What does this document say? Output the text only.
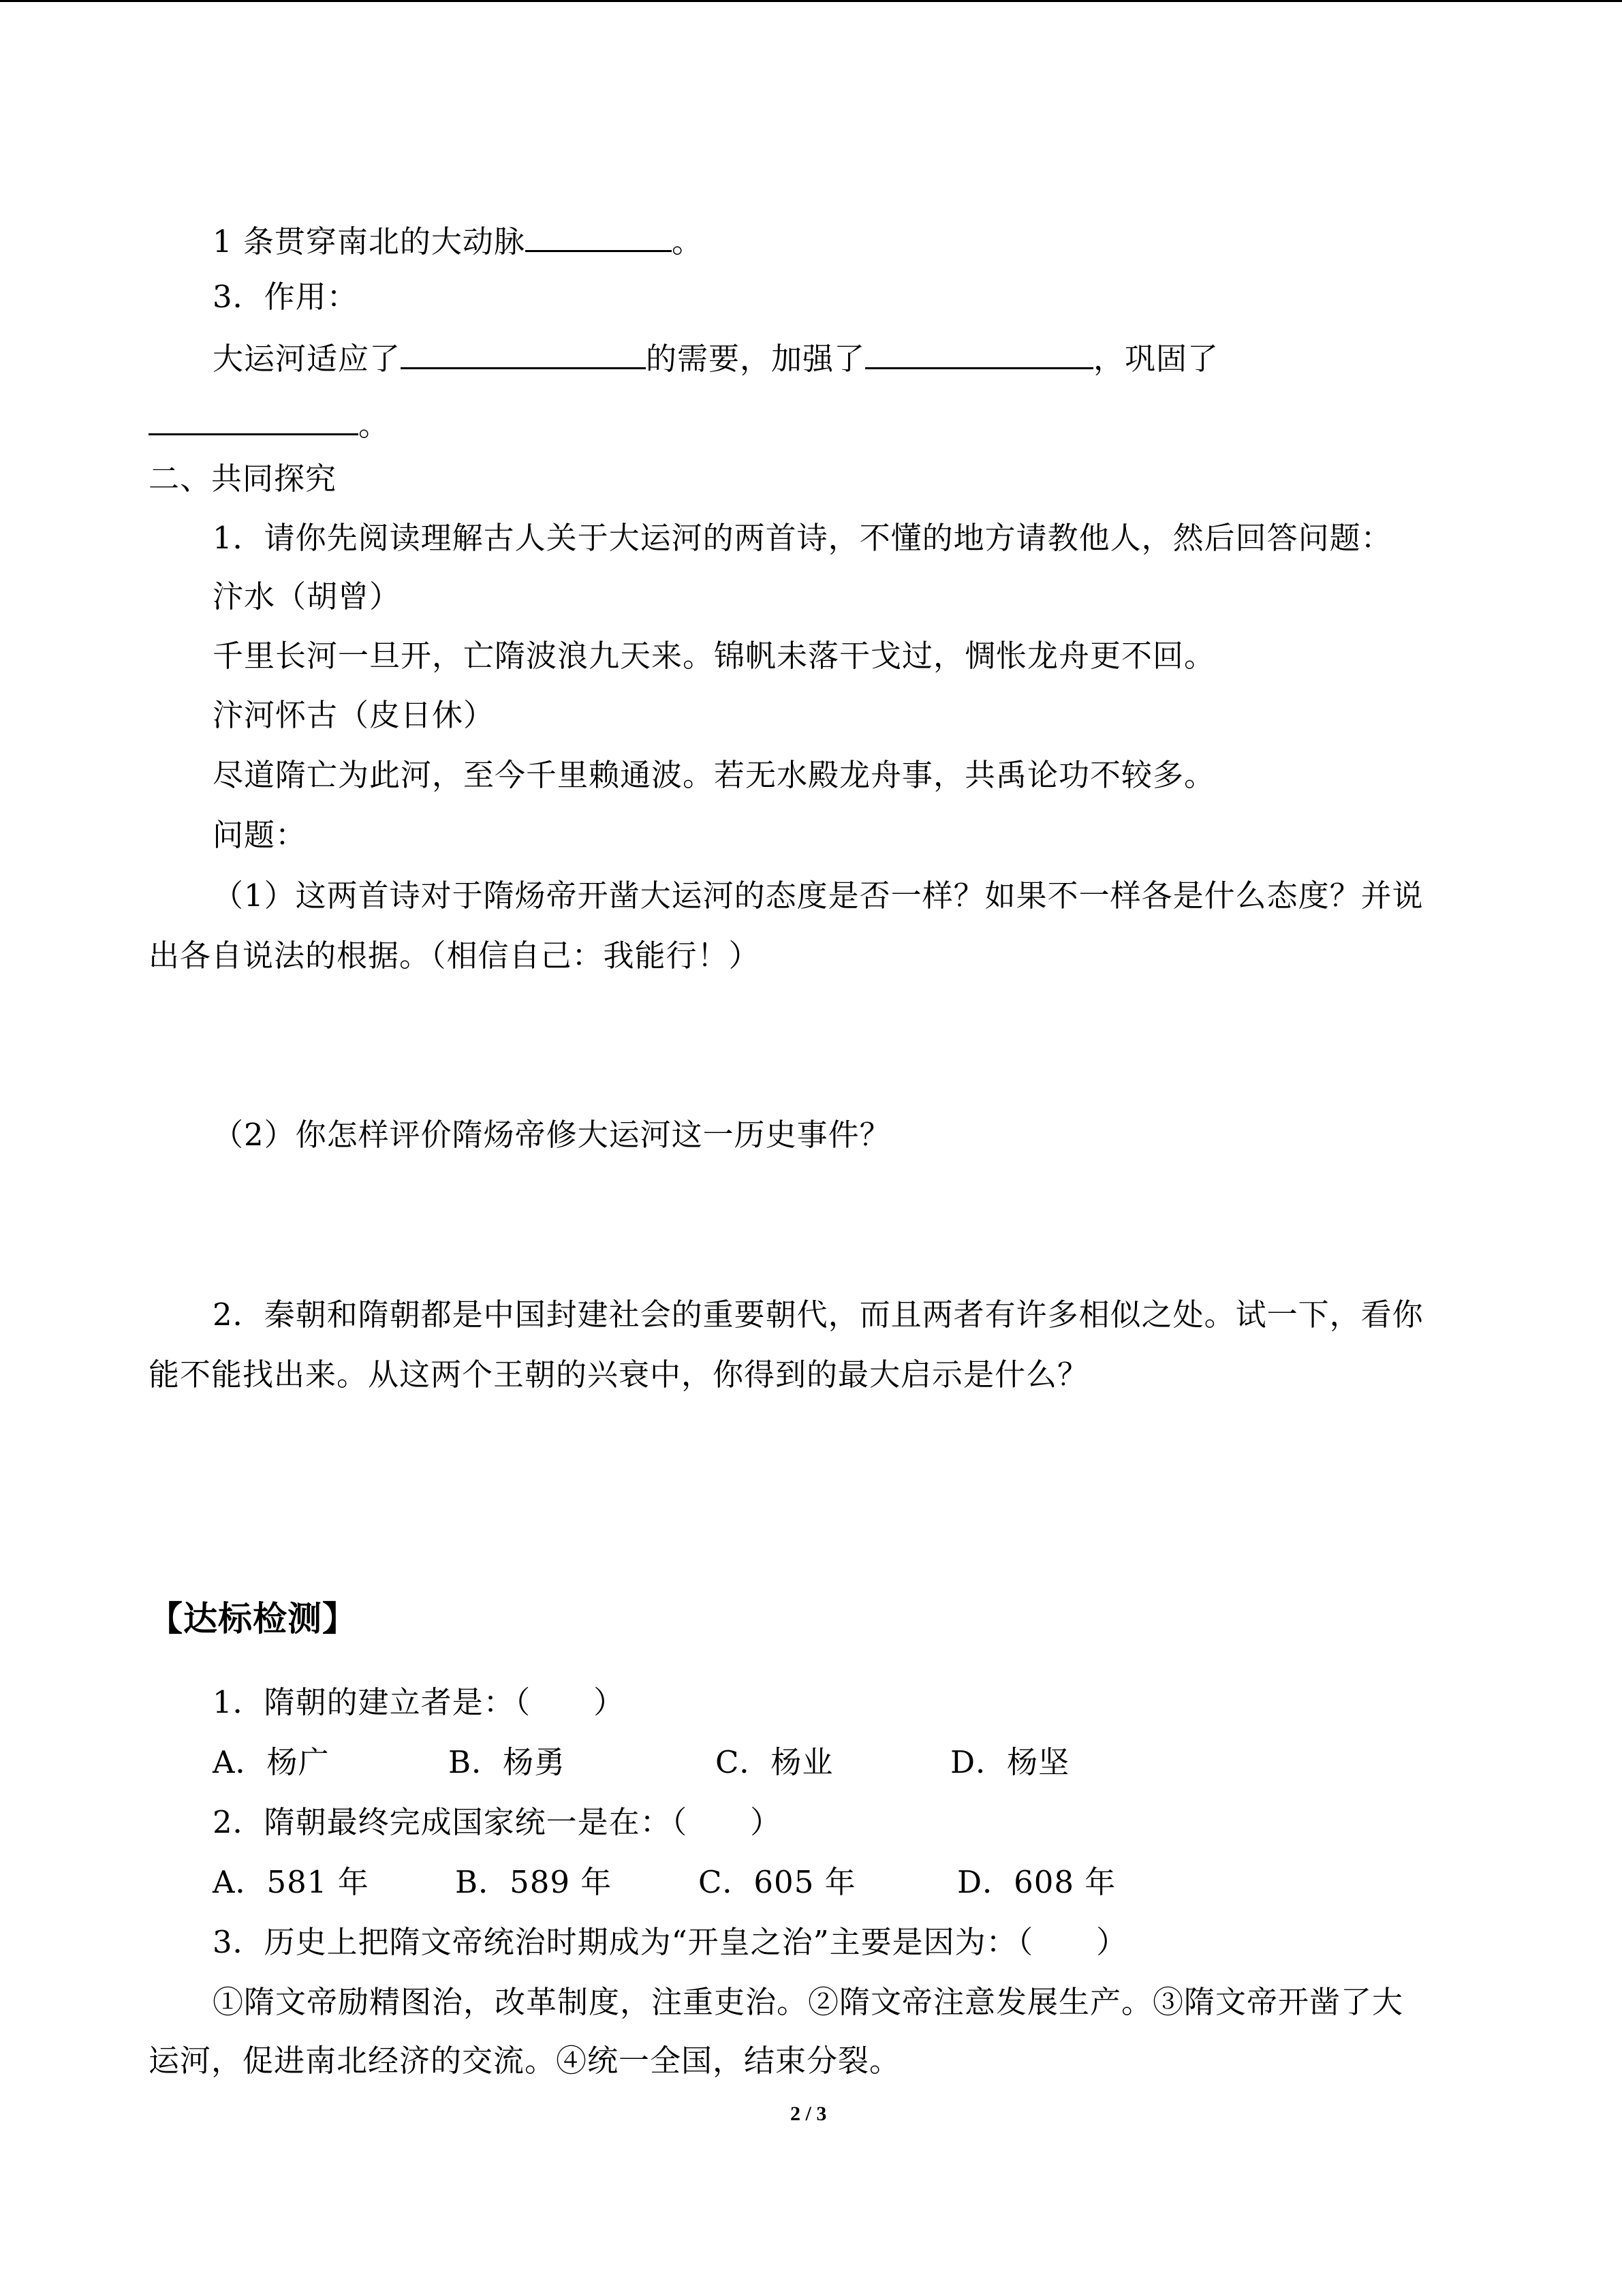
1 条贯穿南北的大动脉	。
3．作用：
大运河适应了	的需要，加强了	，巩固了
。
二、共同探究
1．请你先阅读理解古人关于大运河的两首诗，不懂的地方请教他人，然后回答问题：
汴水（胡曾）
千里长河一旦开，亡隋波浪九天来。锦帆未落干戈过，惆怅龙舟更不回。
汴河怀古（皮日休）
尽道隋亡为此河，至今千里赖通波。若无水殿龙舟事，共禹论功不较多。
问题：
（1）这两首诗对于隋炀帝开凿大运河的态度是否一样？如果不一样各是什么态度？并说
出各自说法的根据。（相信自己：我能行！）
（2）你怎样评价隋炀帝修大运河这一历史事件？
2．秦朝和隋朝都是中国封建社会的重要朝代，而且两者有许多相似之处。试一下，看你
能不能找出来。从这两个王朝的兴衰中，你得到的最大启示是什么？
【达标检测】
1．隋朝的建立者是：（　　）
A．杨广	B．杨勇	C．杨业	D．杨坚
2．隋朝最终完成国家统一是在：（　　）
A．581 年	B．589 年	C．605 年	D．608 年
3．历史上把隋文帝统治时期成为“开皇之治”主要是因为：（　　）
①隋文帝励精图治，改革制度，注重吏治。②隋文帝注意发展生产。③隋文帝开凿了大
运河，促进南北经济的交流。④统一全国，结束分裂。
2 / 3
